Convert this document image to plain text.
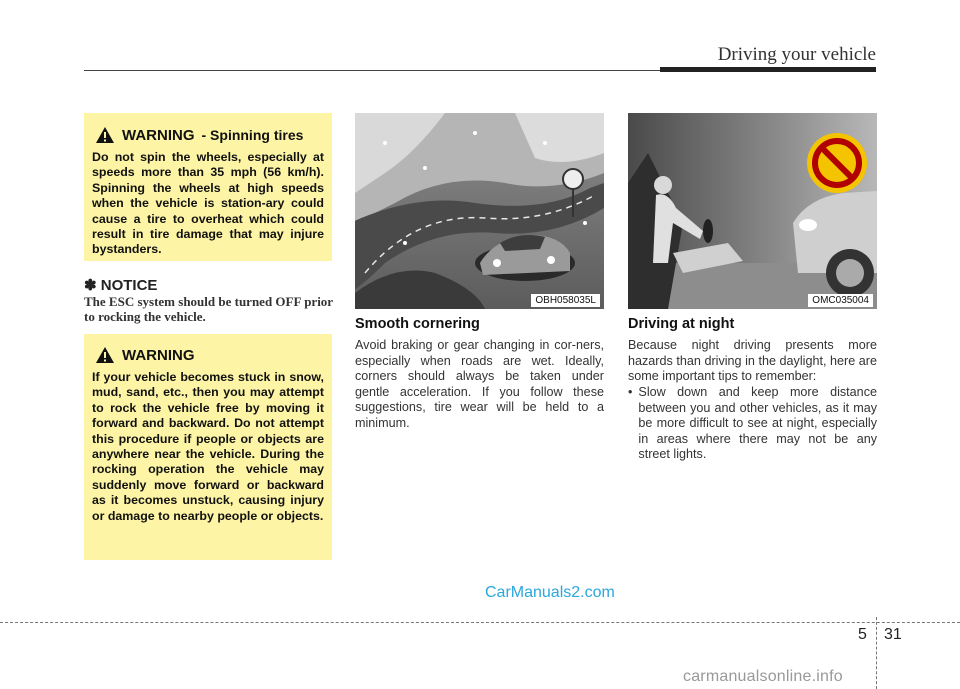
Driving your vehicle
WARNING - Spinning tires

Do not spin the wheels, especially at speeds more than 35 mph (56 km/h). Spinning the wheels at high speeds when the vehicle is station-ary could cause a tire to overheat which could result in tire damage that may injure bystanders.

✽ NOTICE
The ESC system should be turned OFF prior to rocking the vehicle.
WARNING

If your vehicle becomes stuck in snow, mud, sand, etc., then you may attempt to rock the vehicle free by moving it forward and backward. Do not attempt this procedure if people or objects are anywhere near the vehicle. During the rocking operation the vehicle may suddenly move forward or backward as it becomes unstuck, causing injury or damage to nearby people or objects.

OBH058035L	OMC035004
Smooth cornering
Avoid braking or gear changing in cor-ners, especially when roads are wet. Ideally, corners should always be taken under gentle acceleration. If you follow these suggestions, tire wear will be held to a minimum.
Driving at night
Because night driving presents more hazards than driving in the daylight, here are some important tips to remember:
• Slow down and keep more distance between you and other vehicles, as it may be more difficult to see at night, especially in areas where there may not be any street lights.
CarManuals2.com
5 31
carmanualsonline.info
